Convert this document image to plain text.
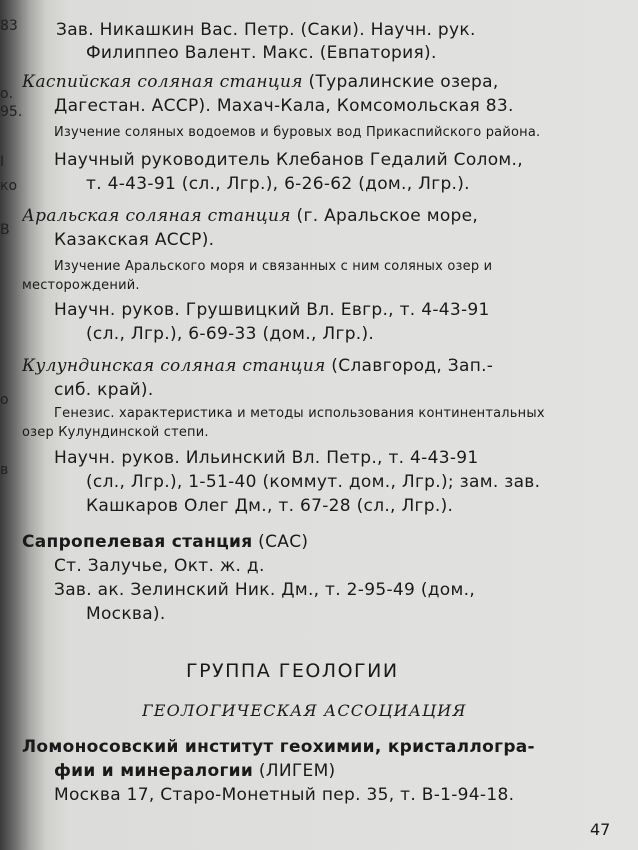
83
о.
95.
I
ко
В
о
в
Зав. Никашкин Вас. Петр. (Саки). Научн. рук.
Филиппео Валент. Макс. (Евпатория).
Каспийская соляная станция (Туралинские озера,
Дагестан. АССР). Махач-Кала, Комсомольская 83.
Изучение соляных водоемов и буровых вод Прикаспийского района.
Научный руководитель Клебанов Гедалий Солом.,
т. 4-43-91 (сл., Лгр.), 6-26-62 (дом., Лгр.).
Аральская соляная станция (г. Аральское море,
Казакская АССР).
Изучение Аральского моря и связанных с ним соляных озер и
месторождений.
Научн. руков. Грушвицкий Вл. Евгр., т. 4-43-91
(сл., Лгр.), 6-69-33 (дом., Лгр.).
Кулундинская соляная станция (Славгород, Зап.-
сиб. край).
Генезис. характеристика и методы использования континентальных
озер Кулундинской степи.
Научн. руков. Ильинский Вл. Петр., т. 4-43-91
(сл., Лгр.), 1-51-40 (коммут. дом., Лгр.); зам. зав.
Кашкаров Олег Дм., т. 67-28 (сл., Лгр.).
Сапропелевая станция (САС)
Ст. Залучье, Окт. ж. д.
Зав. ак. Зелинский Ник. Дм., т. 2-95-49 (дом.,
Москва).
ГРУППА ГЕОЛОГИИ
ГЕОЛОГИЧЕСКАЯ АССОЦИАЦИЯ
Ломоносовский институт геохимии, кристаллогра-
фии и минералогии (ЛИГЕМ)
Москва 17, Старо-Монетный пер. 35, т. В-1-94-18.
47
